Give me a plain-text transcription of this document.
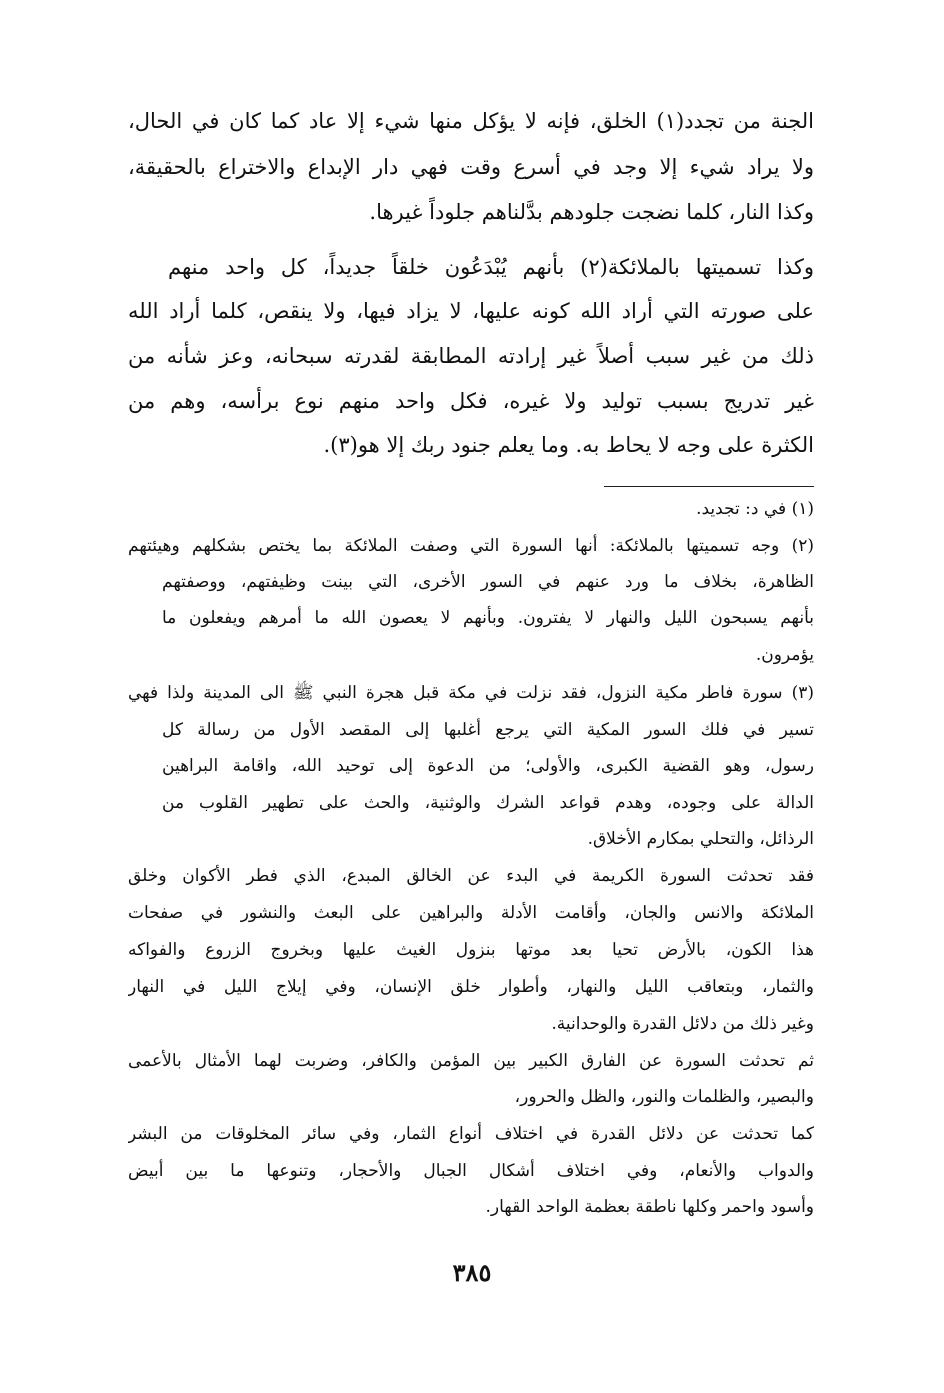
الجنة من تجدد(١) الخلق، فإنه لا يؤكل منها شيء إلا عاد كما كان في الحال،
ولا يراد شيء إلا وجد في أسرع وقت فهي دار الإبداع والاختراع بالحقيقة،
وكذا النار، كلما نضجت جلودهم بدَّلناهم جلوداً غيرها.
وكذا تسميتها بالملائكة(٢) بأنهم يُبْدَعُون خلقاً جديداً، كل واحد منهم
على صورته التي أراد الله كونه عليها، لا يزاد فيها، ولا ينقص، كلما أراد الله
ذلك من غير سبب أصلاً غير إرادته المطابقة لقدرته سبحانه، وعز شأنه من
غير تدريج بسبب توليد ولا غيره، فكل واحد منهم نوع برأسه، وهم من
الكثرة على وجه لا يحاط به. وما يعلم جنود ربك إلا هو(٣).
(١) في د: تجديد.
(٢) وجه تسميتها بالملائكة: أنها السورة التي وصفت الملائكة بما يختص بشكلهم وهيئتهم
الظاهرة، بخلاف ما ورد عنهم في السور الأخرى، التي بينت وظيفتهم، ووصفتهم
بأنهم يسبحون الليل والنهار لا يفترون. وبأنهم لا يعصون الله ما أمرهم ويفعلون ما
يؤمرون.
(٣) سورة فاطر مكية النزول، فقد نزلت في مكة قبل هجرة النبي ﷺ الى المدينة ولذا فهي
تسير في فلك السور المكية التي يرجع أغلبها إلى المقصد الأول من رسالة كل
رسول، وهو القضية الكبرى، والأولى؛ من الدعوة إلى توحيد الله، واقامة البراهين
الدالة على وجوده، وهدم قواعد الشرك والوثنية، والحث على تطهير القلوب من
الرذائل، والتحلي بمكارم الأخلاق.
فقد تحدثت السورة الكريمة في البدء عن الخالق المبدع، الذي فطر الأكوان وخلق
الملائكة والانس والجان، وأقامت الأدلة والبراهين على البعث والنشور في صفحات
هذا الكون، بالأرض تحيا بعد موتها بنزول الغيث عليها وبخروج الزروع والفواكه
والثمار، وبتعاقب الليل والنهار، وأطوار خلق الإنسان، وفي إيلاج الليل في النهار
وغير ذلك من دلائل القدرة والوحدانية.
ثم تحدثت السورة عن الفارق الكبير بين المؤمن والكافر، وضربت لهما الأمثال بالأعمى
والبصير، والظلمات والنور، والظل والحرور،
كما تحدثت عن دلائل القدرة في اختلاف أنواع الثمار، وفي سائر المخلوقات من البشر
والدواب والأنعام، وفي اختلاف أشكال الجبال والأحجار، وتنوعها ما بين أبيض
وأسود واحمر وكلها ناطقة بعظمة الواحد القهار.
٣٨٥
